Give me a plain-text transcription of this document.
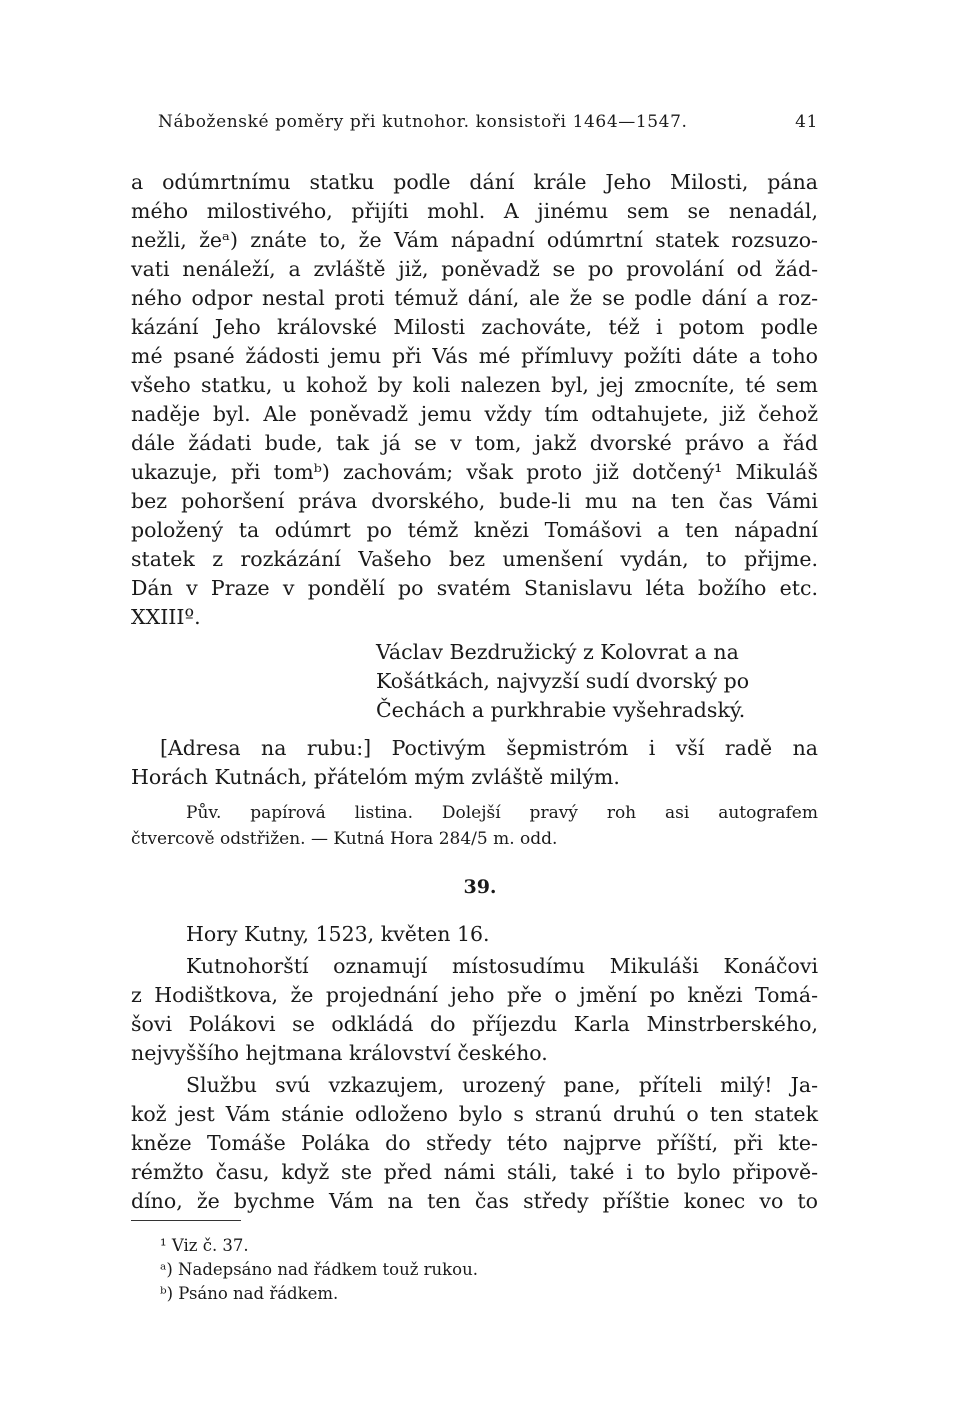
Náboženské poměry při kutnohor. konsistoři 1464—1547.	41
a odúmrtnímu statku podle dání krále Jeho Milosti, pána
mého milostivého, přijíti mohl. A jinému sem se nenadál,
nežli, žeᵃ) znáte to, že Vám nápadní odúmrtní statek rozsuzo-
vati nenáleží, a zvláště již, poněvadž se po provolání od žád-
ného odpor nestal proti témuž dání, ale že se podle dání a roz-
kázání Jeho královské Milosti zachováte, též i potom podle
mé psané žádosti jemu při Vás mé přímluvy požíti dáte a toho
všeho statku, u kohož by koli nalezen byl, jej zmocníte, té sem
naděje byl. Ale poněvadž jemu vždy tím odtahujete, již čehož
dále žádati bude, tak já se v tom, jakž dvorské právo a řád
ukazuje, při tomᵇ) zachovám; však proto již dotčený¹ Mikuláš
bez pohoršení práva dvorského, bude-li mu na ten čas Vámi
položený ta odúmrt po témž knězi Tomášovi a ten nápadní
statek z rozkázání Vašeho bez umenšení vydán, to přijme.
Dán v Praze v pondělí po svatém Stanislavu léta božího etc.
XXIIIº.
Václav Bezdružický z Kolovrat a na
Košátkách, najvyzší sudí dvorský po
Čechách a purkhrabie vyšehradský.
[Adresa na rubu:] Poctivým šepmistróm i vší radě na
Horách Kutnách, přátelóm mým zvláště milým.
Pův. papírová listina. Dolejší pravý roh asi autografem
čtvercově odstřižen. — Kutná Hora 284/5 m. odd.
39.
Hory Kutny, 1523, květen 16.
Kutnohorští oznamují místosudímu Mikuláši Konáčovi
z Hodištkova, že projednání jeho pře o jmění po knězi Tomá-
šovi Polákovi se odkládá do příjezdu Karla Minstrberského,
nejvyššího hejtmana království českého.
Službu svú vzkazujem, urozený pane, příteli milý! Ja-
kož jest Vám stánie odloženo bylo s stranú druhú o ten statek
kněze Tomáše Poláka do středy této najprve příští, při kte-
rémžto času, když ste před námi stáli, také i to bylo připově-
díno, že bychme Vám na ten čas středy příštie konec vo to
¹ Viz č. 37.
ᵃ) Nadepsáno nad řádkem touž rukou.
ᵇ) Psáno nad řádkem.
